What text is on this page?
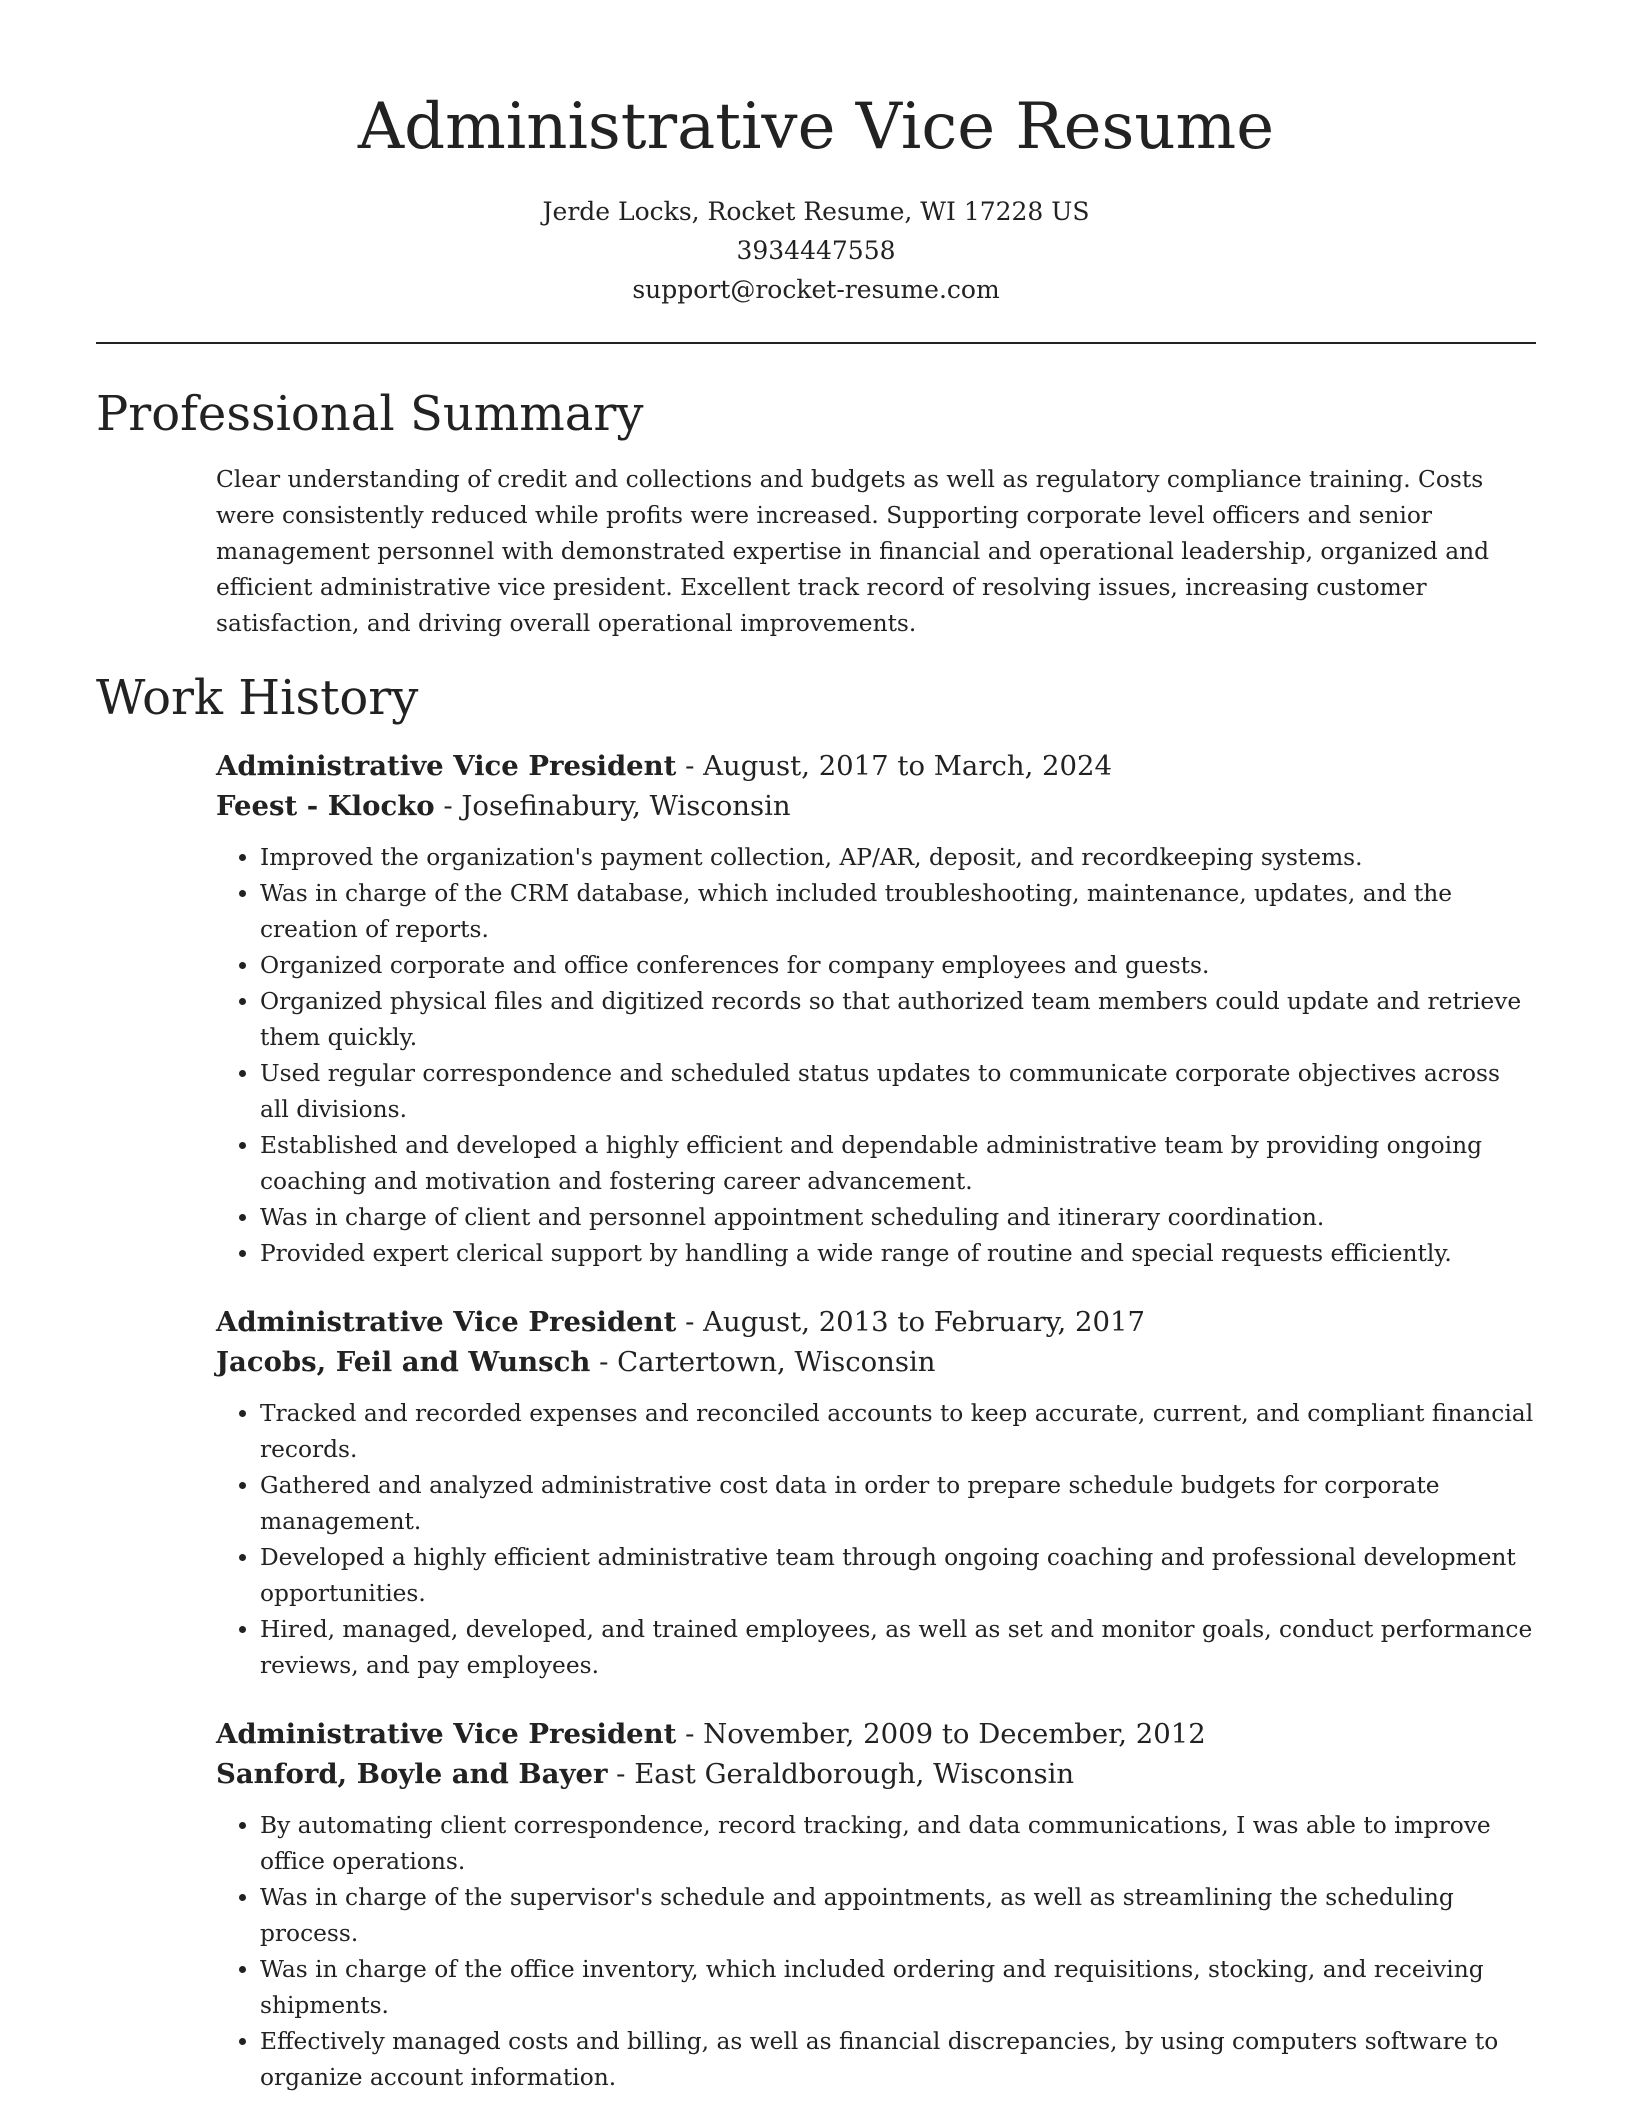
Administrative Vice Resume
Jerde Locks, Rocket Resume, WI 17228 US
3934447558
support@rocket-resume.com
Professional Summary

Clear understanding of credit and collections and budgets as well as regulatory compliance training. Costs were consistently reduced while profits were increased. Supporting corporate level officers and senior management personnel with demonstrated expertise in financial and operational leadership, organized and efficient administrative vice president. Excellent track record of resolving issues, increasing customer satisfaction, and driving overall operational improvements.

Work History
Administrative Vice President - August, 2017 to March, 2024
Feest - Klocko - Josefinabury, Wisconsin
• Improved the organization's payment collection, AP/AR, deposit, and recordkeeping systems.
• Was in charge of the CRM database, which included troubleshooting, maintenance, updates, and the creation of reports.
• Organized corporate and office conferences for company employees and guests.
• Organized physical files and digitized records so that authorized team members could update and retrieve them quickly.
• Used regular correspondence and scheduled status updates to communicate corporate objectives across all divisions.
• Established and developed a highly efficient and dependable administrative team by providing ongoing coaching and motivation and fostering career advancement.
• Was in charge of client and personnel appointment scheduling and itinerary coordination.
• Provided expert clerical support by handling a wide range of routine and special requests efficiently.
Administrative Vice President - August, 2013 to February, 2017
Jacobs, Feil and Wunsch - Cartertown, Wisconsin
• Tracked and recorded expenses and reconciled accounts to keep accurate, current, and compliant financial records.
• Gathered and analyzed administrative cost data in order to prepare schedule budgets for corporate management.
• Developed a highly efficient administrative team through ongoing coaching and professional development opportunities.
• Hired, managed, developed, and trained employees, as well as set and monitor goals, conduct performance reviews, and pay employees.
Administrative Vice President - November, 2009 to December, 2012
Sanford, Boyle and Bayer - East Geraldborough, Wisconsin
• By automating client correspondence, record tracking, and data communications, I was able to improve office operations.
• Was in charge of the supervisor's schedule and appointments, as well as streamlining the scheduling process.
• Was in charge of the office inventory, which included ordering and requisitions, stocking, and receiving shipments.
• Effectively managed costs and billing, as well as financial discrepancies, by using computers software to organize account information.
